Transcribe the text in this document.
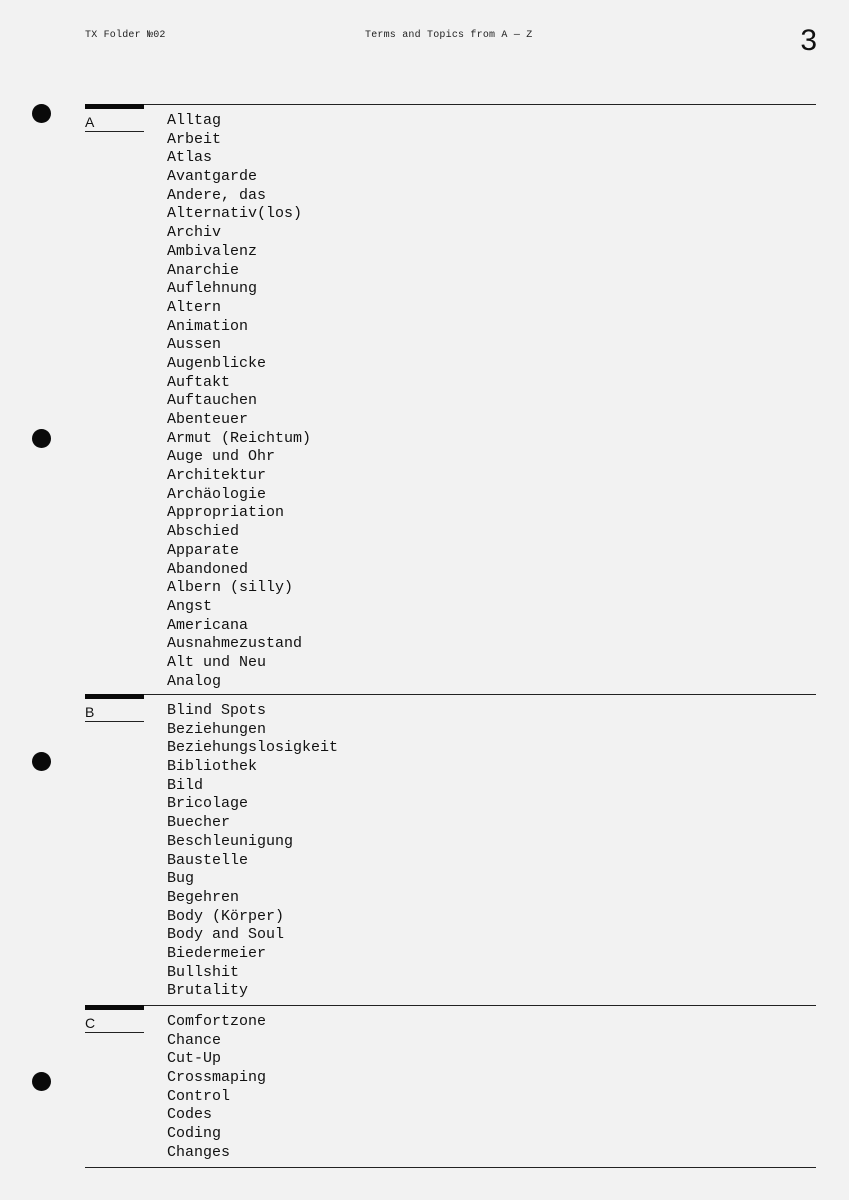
TX Folder №02	Terms and Topics from A — Z	3
A	Alltag
Arbeit
Atlas
Avantgarde
Andere, das
Alternativ(los)
Archiv
Ambivalenz
Anarchie
Auflehnung
Altern
Animation
Aussen
Augenblicke
Auftakt
Auftauchen
Abenteuer
Armut (Reichtum)
Auge und Ohr
Architektur
Archäologie
Appropriation
Abschied
Apparate
Abandoned
Albern (silly)
Angst
Americana
Ausnahmezustand
Alt und Neu
Analog
B	Blind Spots
Beziehungen
Beziehungslosigkeit
Bibliothek
Bild
Bricolage
Buecher
Beschleunigung
Baustelle
Bug
Begehren
Body (Körper)
Body and Soul
Biedermeier
Bullshit
Brutality
C	Comfortzone
Chance
Cut-Up
Crossmaping
Control
Codes
Coding
Changes
